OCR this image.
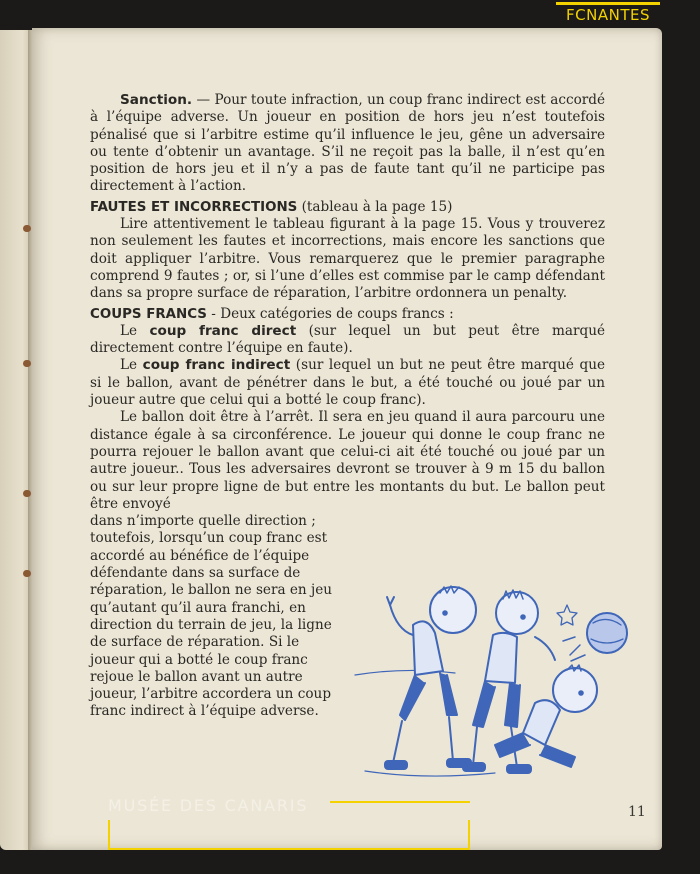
Sanction. — Pour toute infraction, un coup franc indirect est accordé à l’équipe adverse. Un joueur en position de hors jeu n’est toutefois pénalisé que si l’arbitre estime qu’il influence le jeu, gêne un adversaire ou tente d’obtenir un avantage. S’il ne reçoit pas la balle, il n’est qu’en position de hors jeu et il n’y a pas de faute tant qu’il ne participe pas directement à l’action.

FAUTES ET INCORRECTIONS (tableau à la page 15)

Lire attentivement le tableau figurant à la page 15. Vous y trouverez non seulement les fautes et incorrections, mais encore les sanctions que doit appliquer l’arbitre. Vous remarquerez que le premier paragraphe comprend 9 fautes ; or, si l’une d’elles est commise par le camp défendant dans sa propre surface de réparation, l’arbitre ordonnera un penalty.

COUPS FRANCS - Deux catégories de coups francs :

Le coup franc direct (sur lequel un but peut être marqué directement contre l’équipe en faute).

Le coup franc indirect (sur lequel un but ne peut être marqué que si le ballon, avant de pénétrer dans le but, a été touché ou joué par un joueur autre que celui qui a botté le coup franc).

Le ballon doit être à l’arrêt. Il sera en jeu quand il aura parcouru une distance égale à sa circonférence. Le joueur qui donne le coup franc ne pourra rejouer le ballon avant que celui-ci ait été touché ou joué par un autre joueur.. Tous les adversaires devront se trouver à 9 m 15 du ballon ou sur leur propre ligne de but entre les montants du but. Le ballon peut être envoyé

dans n’importe quelle direction ; toutefois, lorsqu’un coup franc est accordé au bénéfice de l’équipe défendante dans sa surface de réparation, le ballon ne sera en jeu qu’autant qu’il aura franchi, en direction du terrain de jeu, la ligne de surface de réparation. Si le joueur qui a botté le coup franc rejoue le ballon avant un autre joueur, l’arbitre accordera un coup franc indirect à l’équipe adverse.

11
FCNANTES
MUSÉE DES CANARIS
